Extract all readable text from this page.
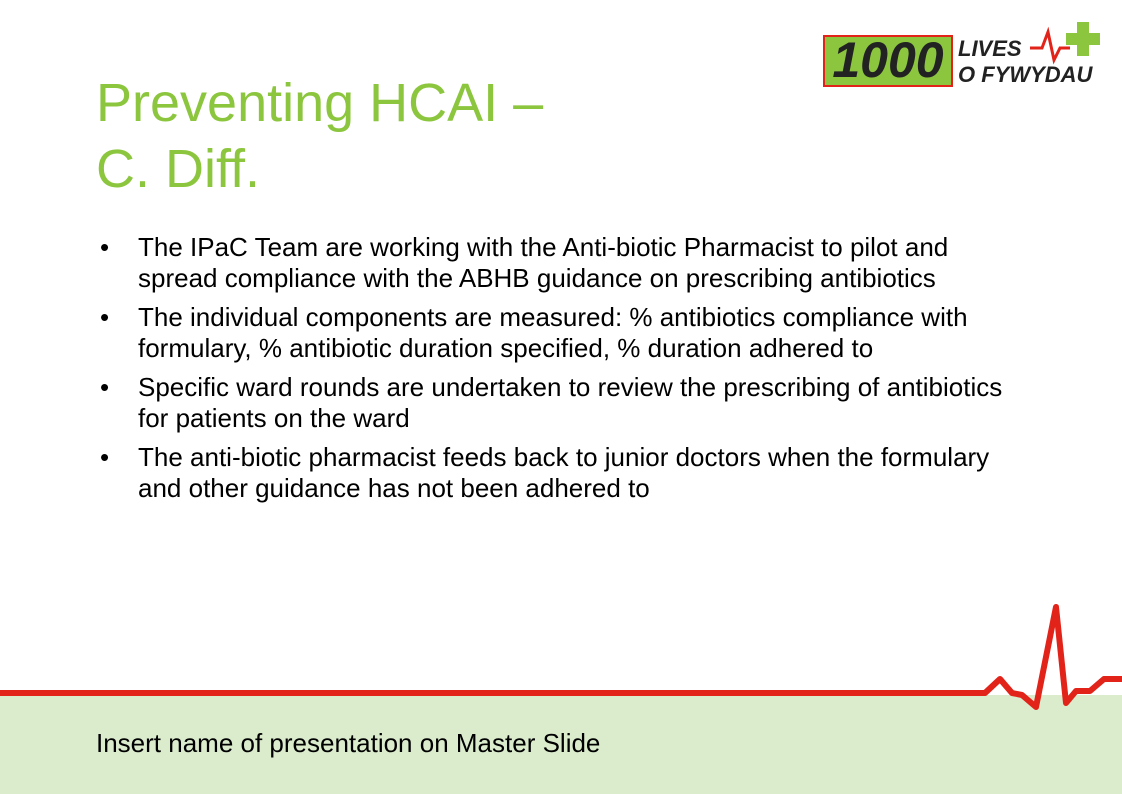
1000 LIVES
O FYWYDAU
Preventing HCAI –
C. Diff.
• The IPaC Team are working with the Anti-biotic Pharmacist to pilot and spread compliance with the ABHB guidance on prescribing antibiotics
• The individual components are measured: % antibiotics compliance with formulary, % antibiotic duration specified, % duration adhered to
• Specific ward rounds are undertaken to review the prescribing of antibiotics for patients on the ward
• The anti-biotic pharmacist feeds back to junior doctors when the formulary and other guidance has not been adhered to
Insert name of presentation on Master Slide
